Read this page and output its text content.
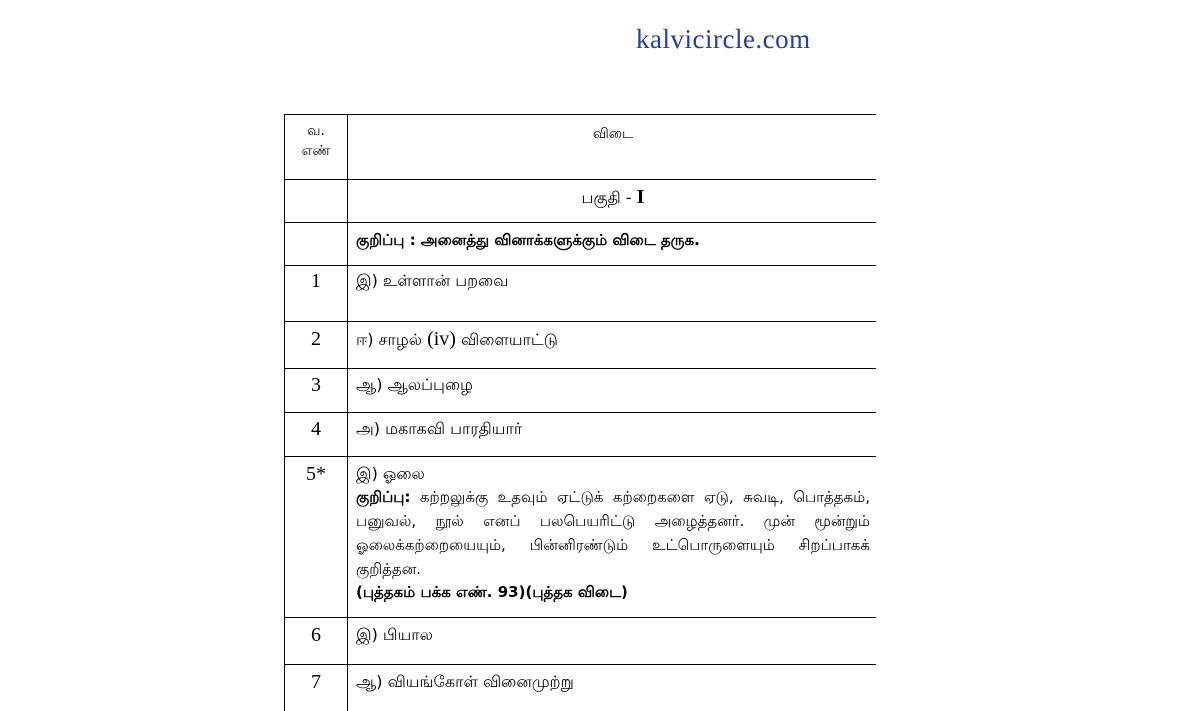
kalvicircle.com
வ.
எண்	விடை
	பகுதி - I
	குறிப்பு : அனைத்து வினாக்களுக்கும் விடை தருக.
1	இ) உள்ளான் பறவை
2	ஈ) சாழல் (iv) விளையாட்டு
3	ஆ) ஆலப்புழை
4	அ) மகாகவி பாரதியார்
5*	இ) ஓலை
குறிப்பு: கற்றலுக்கு உதவும் ஏட்டுக் கற்றைகளை ஏடு, சுவடி, பொத்தகம், பனுவல், நூல் எனப் பலபெயரிட்டு அழைத்தனர். முன் மூன்றும் ஓலைக்கற்றையையும், பின்னிரண்டும் உட்பொருளையும் சிறப்பாகக் குறித்தன.
(புத்தகம் பக்க எண். 93)(புத்தக விடை)

6	இ) பியால
7	ஆ) வியங்கோள் வினைமுற்று
